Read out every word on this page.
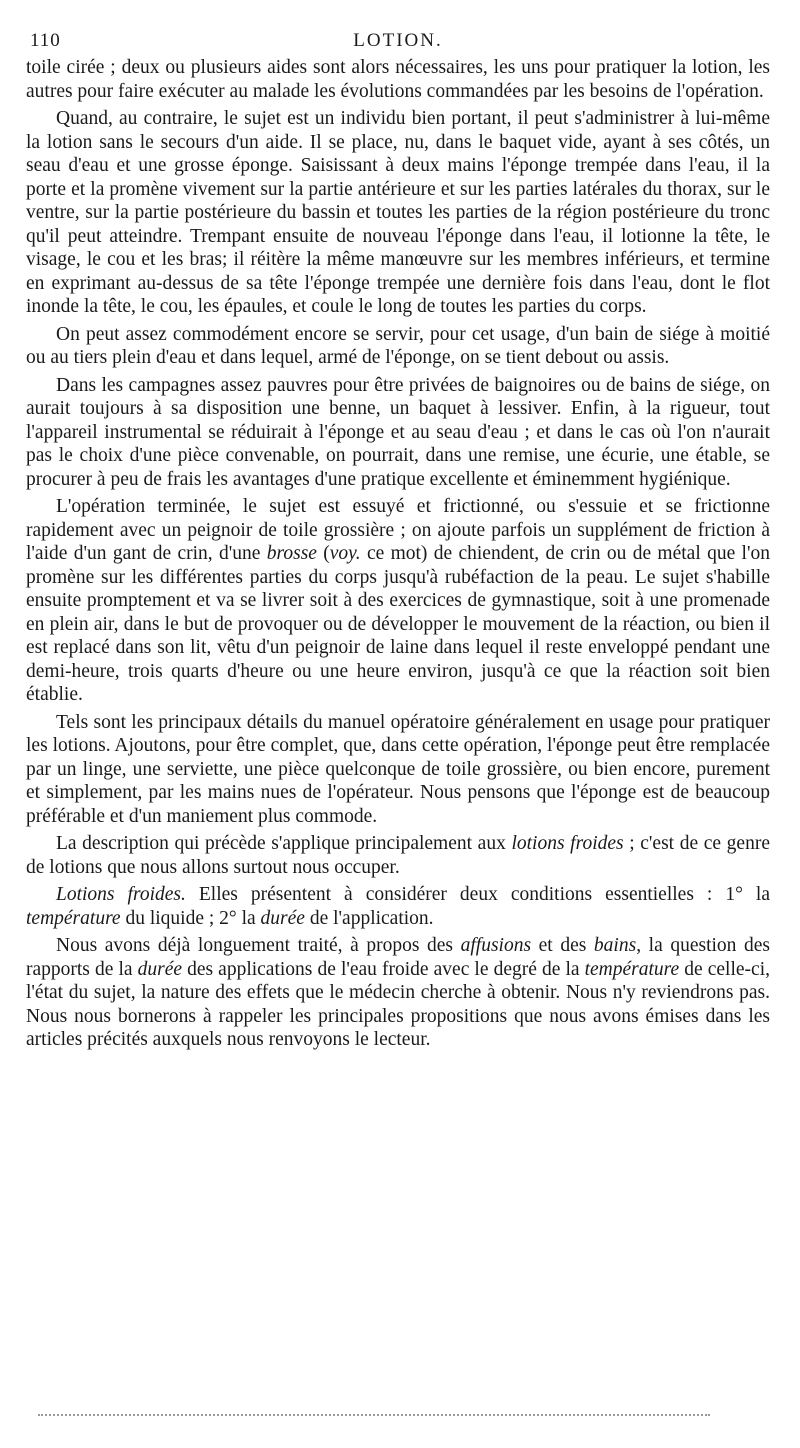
110	LOTION.

toile cirée ; deux ou plusieurs aides sont alors nécessaires, les uns pour pratiquer la lotion, les autres pour faire exécuter au malade les évolutions commandées par les besoins de l'opération.

Quand, au contraire, le sujet est un individu bien portant, il peut s'administrer à lui-même la lotion sans le secours d'un aide. Il se place, nu, dans le baquet vide, ayant à ses côtés, un seau d'eau et une grosse éponge. Saisissant à deux mains l'éponge trempée dans l'eau, il la porte et la promène vivement sur la partie antérieure et sur les parties latérales du thorax, sur le ventre, sur la partie postérieure du bassin et toutes les parties de la région postérieure du tronc qu'il peut atteindre. Trempant ensuite de nouveau l'éponge dans l'eau, il lotionne la tête, le visage, le cou et les bras; il réitère la même manœuvre sur les membres inférieurs, et termine en exprimant au-dessus de sa tête l'éponge trempée une dernière fois dans l'eau, dont le flot inonde la tête, le cou, les épaules, et coule le long de toutes les parties du corps.

On peut assez commodément encore se servir, pour cet usage, d'un bain de siége à moitié ou au tiers plein d'eau et dans lequel, armé de l'éponge, on se tient debout ou assis.

Dans les campagnes assez pauvres pour être privées de baignoires ou de bains de siége, on aurait toujours à sa disposition une benne, un baquet à lessiver. Enfin, à la rigueur, tout l'appareil instrumental se réduirait à l'éponge et au seau d'eau ; et dans le cas où l'on n'aurait pas le choix d'une pièce convenable, on pourrait, dans une remise, une écurie, une étable, se procurer à peu de frais les avantages d'une pratique excellente et éminemment hygiénique.

L'opération terminée, le sujet est essuyé et frictionné, ou s'essuie et se frictionne rapidement avec un peignoir de toile grossière ; on ajoute parfois un supplément de friction à l'aide d'un gant de crin, d'une brosse (voy. ce mot) de chiendent, de crin ou de métal que l'on promène sur les différentes parties du corps jusqu'à rubéfaction de la peau. Le sujet s'habille ensuite promptement et va se livrer soit à des exercices de gymnastique, soit à une promenade en plein air, dans le but de provoquer ou de développer le mouvement de la réaction, ou bien il est replacé dans son lit, vêtu d'un peignoir de laine dans lequel il reste enveloppé pendant une demi-heure, trois quarts d'heure ou une heure environ, jusqu'à ce que la réaction soit bien établie.

Tels sont les principaux détails du manuel opératoire généralement en usage pour pratiquer les lotions. Ajoutons, pour être complet, que, dans cette opération, l'éponge peut être remplacée par un linge, une serviette, une pièce quelconque de toile grossière, ou bien encore, purement et simplement, par les mains nues de l'opérateur. Nous pensons que l'éponge est de beaucoup préférable et d'un maniement plus commode.

La description qui précède s'applique principalement aux lotions froides ; c'est de ce genre de lotions que nous allons surtout nous occuper.

Lotions froides. Elles présentent à considérer deux conditions essentielles : 1° la température du liquide ; 2° la durée de l'application.

Nous avons déjà longuement traité, à propos des affusions et des bains, la question des rapports de la durée des applications de l'eau froide avec le degré de la température de celle-ci, l'état du sujet, la nature des effets que le médecin cherche à obtenir. Nous n'y reviendrons pas. Nous nous bornerons à rappeler les principales propositions que nous avons émises dans les articles précités auxquels nous renvoyons le lecteur.
